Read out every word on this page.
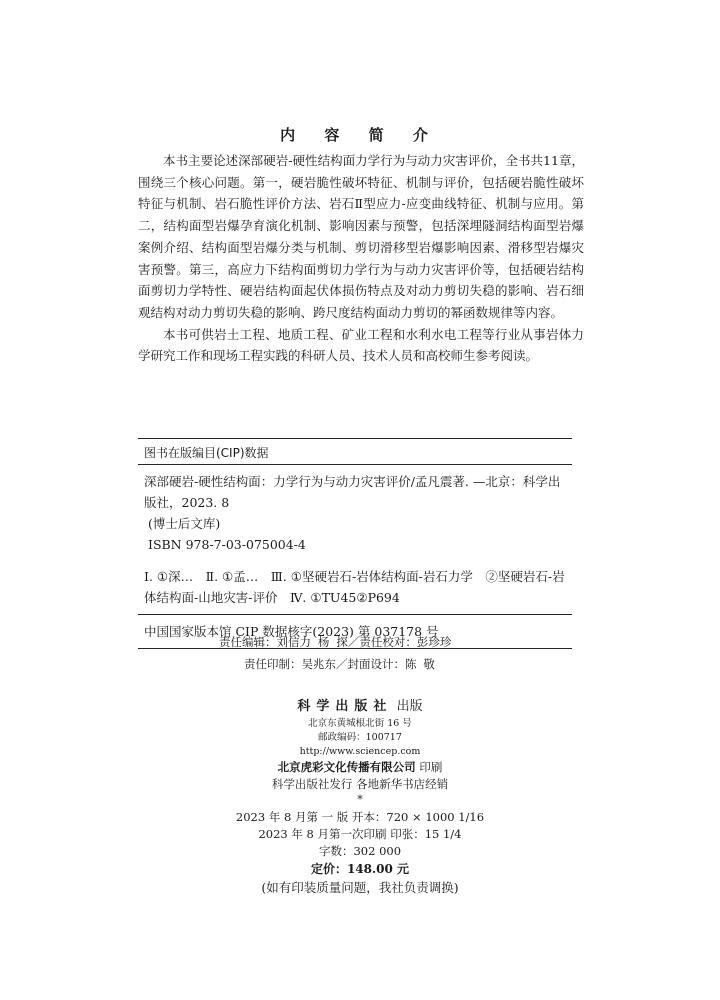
内 容 简 介

本书主要论述深部硬岩-硬性结构面力学行为与动力灾害评价，全书共11章，围绕三个核心问题。第一，硬岩脆性破坏特征、机制与评价，包括硬岩脆性破坏特征与机制、岩石脆性评价方法、岩石Ⅱ型应力-应变曲线特征、机制与应用。第二，结构面型岩爆孕育演化机制、影响因素与预警，包括深埋隧洞结构面型岩爆案例介绍、结构面型岩爆分类与机制、剪切滑移型岩爆影响因素、滑移型岩爆灾害预警。第三，高应力下结构面剪切力学行为与动力灾害评价等，包括硬岩结构面剪切力学特性、硬岩结构面起伏体损伤特点及对动力剪切失稳的影响、岩石细观结构对动力剪切失稳的影响、跨尺度结构面动力剪切的幂函数规律等内容。

本书可供岩土工程、地质工程、矿业工程和水利水电工程等行业从事岩体力学研究工作和现场工程实践的科研人员、技术人员和高校师生参考阅读。

图书在版编目(CIP)数据
深部硬岩-硬性结构面：力学行为与动力灾害评价/孟凡震著. —北京：科学出版社，2023. 8
(博士后文库)
ISBN 978-7-03-075004-4
Ⅰ. ①深…　Ⅱ. ①孟…　Ⅲ. ①坚硬岩石-岩体结构面-岩石力学　②坚硬岩石-岩体结构面-山地灾害-评价　Ⅳ. ①TU45②P694
中国国家版本馆 CIP 数据核字(2023) 第 037178 号
责任编辑：刘信力 杨 探／责任校对：彭珍珍
责任印制：吴兆东／封面设计：陈 敬
科学出版社 出版
北京东黄城根北街 16 号
邮政编码：100717
http://www.sciencep.com
北京虎彩文化传播有限公司 印刷
科学出版社发行 各地新华书店经销
*
2023 年 8 月第 一 版 开本：720 × 1000 1/16
2023 年 8 月第一次印刷 印张：15 1/4
字数：302 000
定价：148.00 元
(如有印装质量问题，我社负责调换)
